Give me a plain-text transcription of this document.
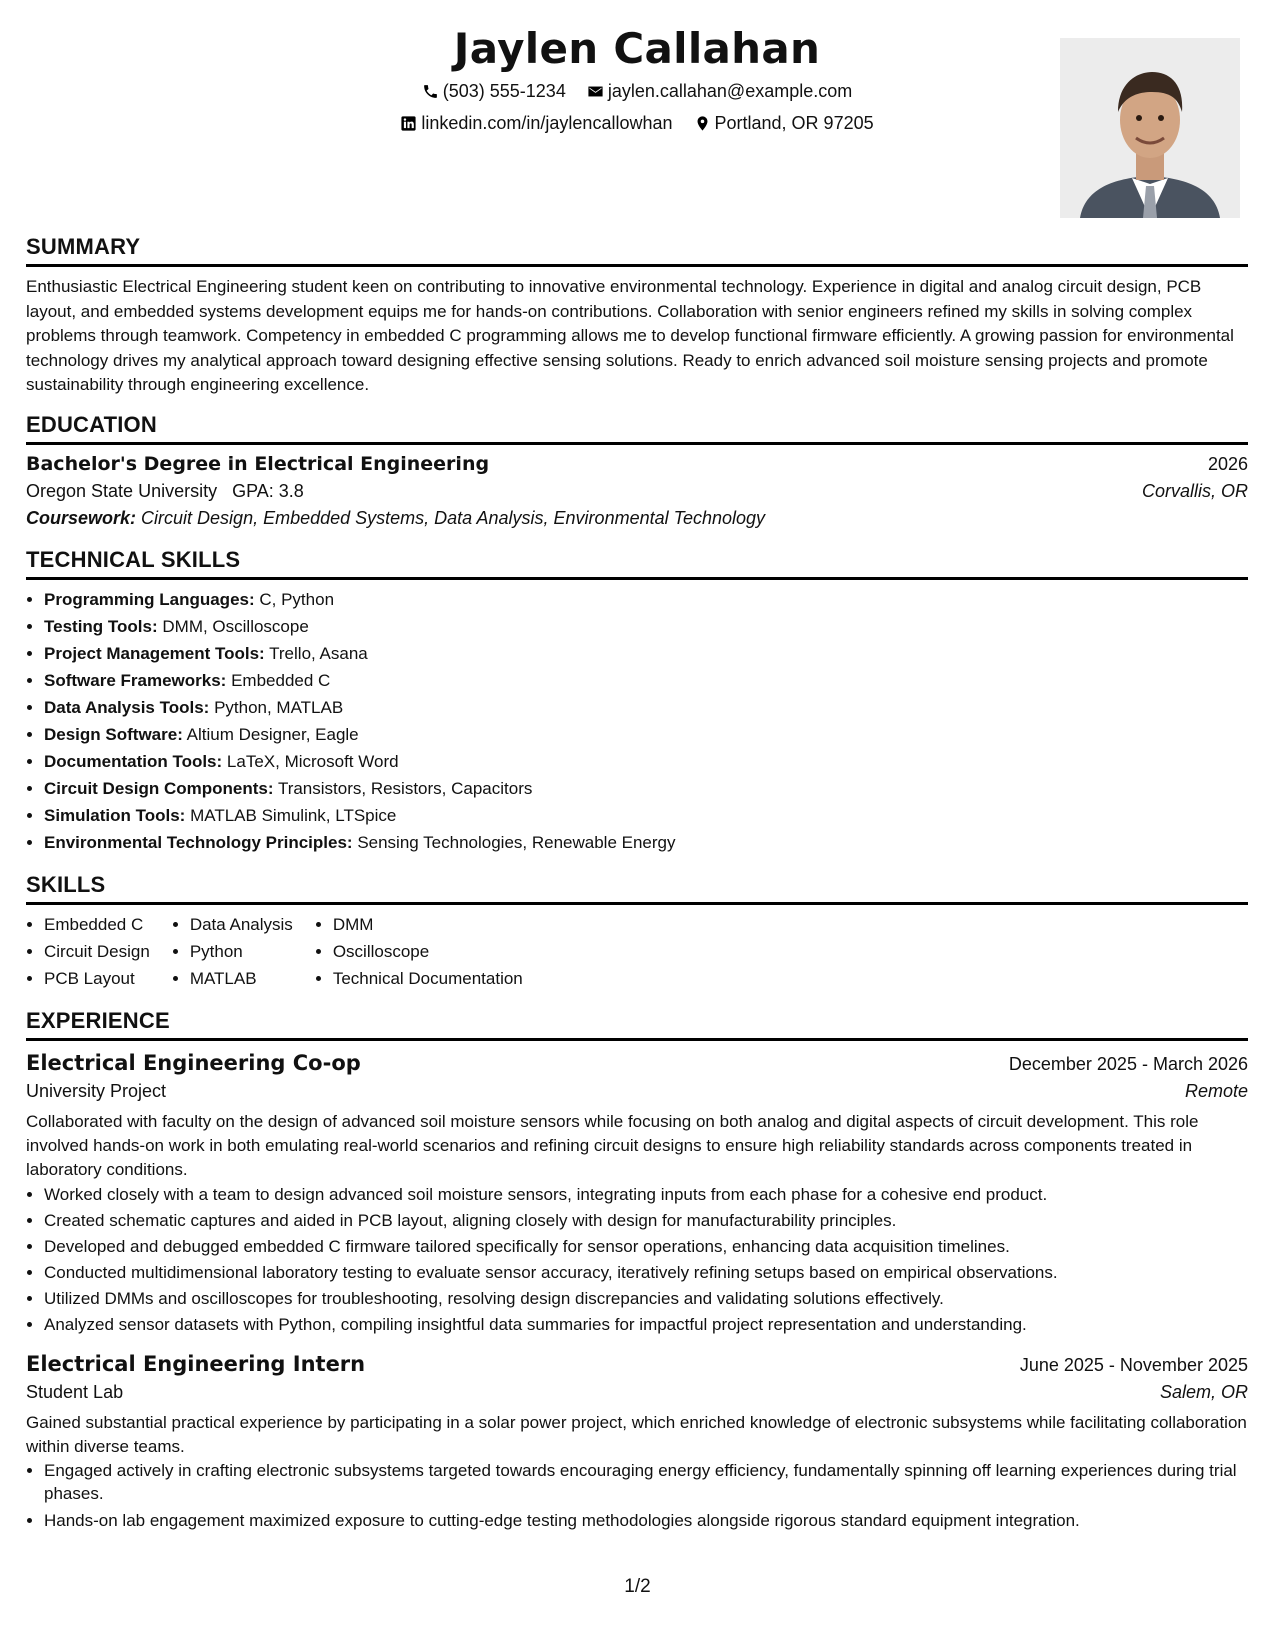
Jaylen Callahan
(503) 555-1234
jaylen.callahan@example.com
linkedin.com/in/jaylencallowhan
Portland, OR 97205
SUMMARY

Enthusiastic Electrical Engineering student keen on contributing to innovative environmental technology. Experience in digital and analog circuit design, PCB layout, and embedded systems development equips me for hands-on contributions. Collaboration with senior engineers refined my skills in solving complex problems through teamwork. Competency in embedded C programming allows me to develop functional firmware efficiently. A growing passion for environmental technology drives my analytical approach toward designing effective sensing solutions. Ready to enrich advanced soil moisture sensing projects and promote sustainability through engineering excellence.

EDUCATION
Bachelor's Degree in Electrical Engineering	2026
Oregon State University GPA: 3.8	Corvallis, OR
Coursework: Circuit Design, Embedded Systems, Data Analysis, Environmental Technology
TECHNICAL SKILLS
• Programming Languages: C, Python
• Testing Tools: DMM, Oscilloscope
• Project Management Tools: Trello, Asana
• Software Frameworks: Embedded C
• Data Analysis Tools: Python, MATLAB
• Design Software: Altium Designer, Eagle
• Documentation Tools: LaTeX, Microsoft Word
• Circuit Design Components: Transistors, Resistors, Capacitors
• Simulation Tools: MATLAB Simulink, LTSpice
• Environmental Technology Principles: Sensing Technologies, Renewable Energy
SKILLS
• Embedded C
• Circuit Design
• PCB Layout
• Data Analysis
• Python
• MATLAB
• DMM
• Oscilloscope
• Technical Documentation
EXPERIENCE
Electrical Engineering Co-op	December 2025 - March 2026
University Project	Remote
Collaborated with faculty on the design of advanced soil moisture sensors while focusing on both analog and digital aspects of circuit development. This role involved hands-on work in both emulating real-world scenarios and refining circuit designs to ensure high reliability standards across components treated in laboratory conditions.
• Worked closely with a team to design advanced soil moisture sensors, integrating inputs from each phase for a cohesive end product.
• Created schematic captures and aided in PCB layout, aligning closely with design for manufacturability principles.
• Developed and debugged embedded C firmware tailored specifically for sensor operations, enhancing data acquisition timelines.
• Conducted multidimensional laboratory testing to evaluate sensor accuracy, iteratively refining setups based on empirical observations.
• Utilized DMMs and oscilloscopes for troubleshooting, resolving design discrepancies and validating solutions effectively.
• Analyzed sensor datasets with Python, compiling insightful data summaries for impactful project representation and understanding.
Electrical Engineering Intern	June 2025 - November 2025
Student Lab	Salem, OR
Gained substantial practical experience by participating in a solar power project, which enriched knowledge of electronic subsystems while facilitating collaboration within diverse teams.
• Engaged actively in crafting electronic subsystems targeted towards encouraging energy efficiency, fundamentally spinning off learning experiences during trial phases.
• Hands-on lab engagement maximized exposure to cutting-edge testing methodologies alongside rigorous standard equipment integration.
1/2
